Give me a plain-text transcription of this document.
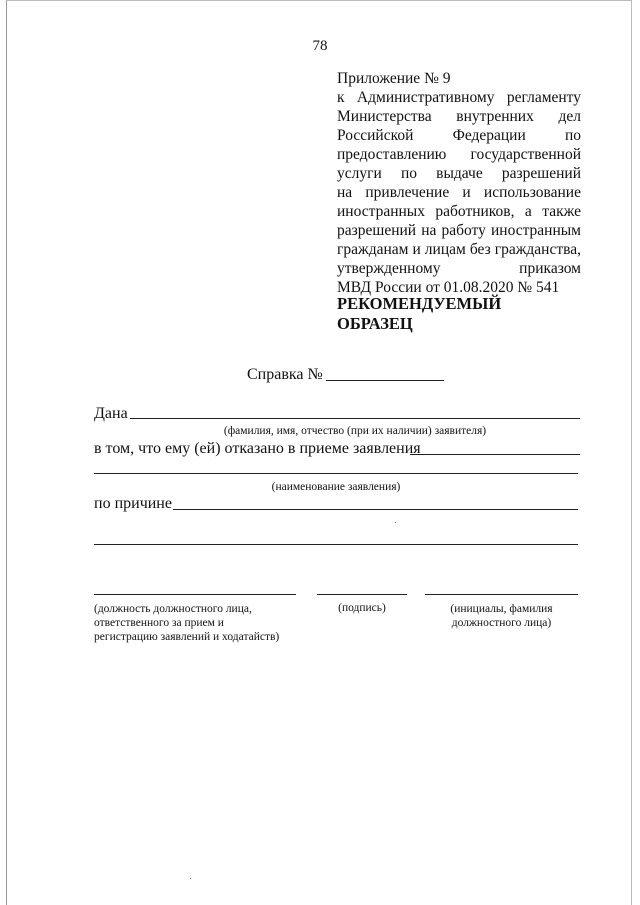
78
Приложение № 9
к Административному регламенту
Министерства внутренних дел
Российской Федерации по
предоставлению государственной
услуги по выдаче разрешений
на привлечение и использование
иностранных работников, а также
разрешений на работу иностранным
гражданам и лицам без гражданства,
утвержденному приказом
МВД России от 01.08.2020 № 541
РЕКОМЕНДУЕМЫЙ
ОБРАЗЕЦ
Справка №
Дана
(фамилия, имя, отчество (при их наличии) заявителя)
в том, что ему (ей) отказано в приеме заявления
(наименование заявления)
по причине
(должность должностного лица,
ответственного за прием и
регистрацию заявлений и ходатайств)
(подпись)	(инициалы, фамилия
должностного лица)
